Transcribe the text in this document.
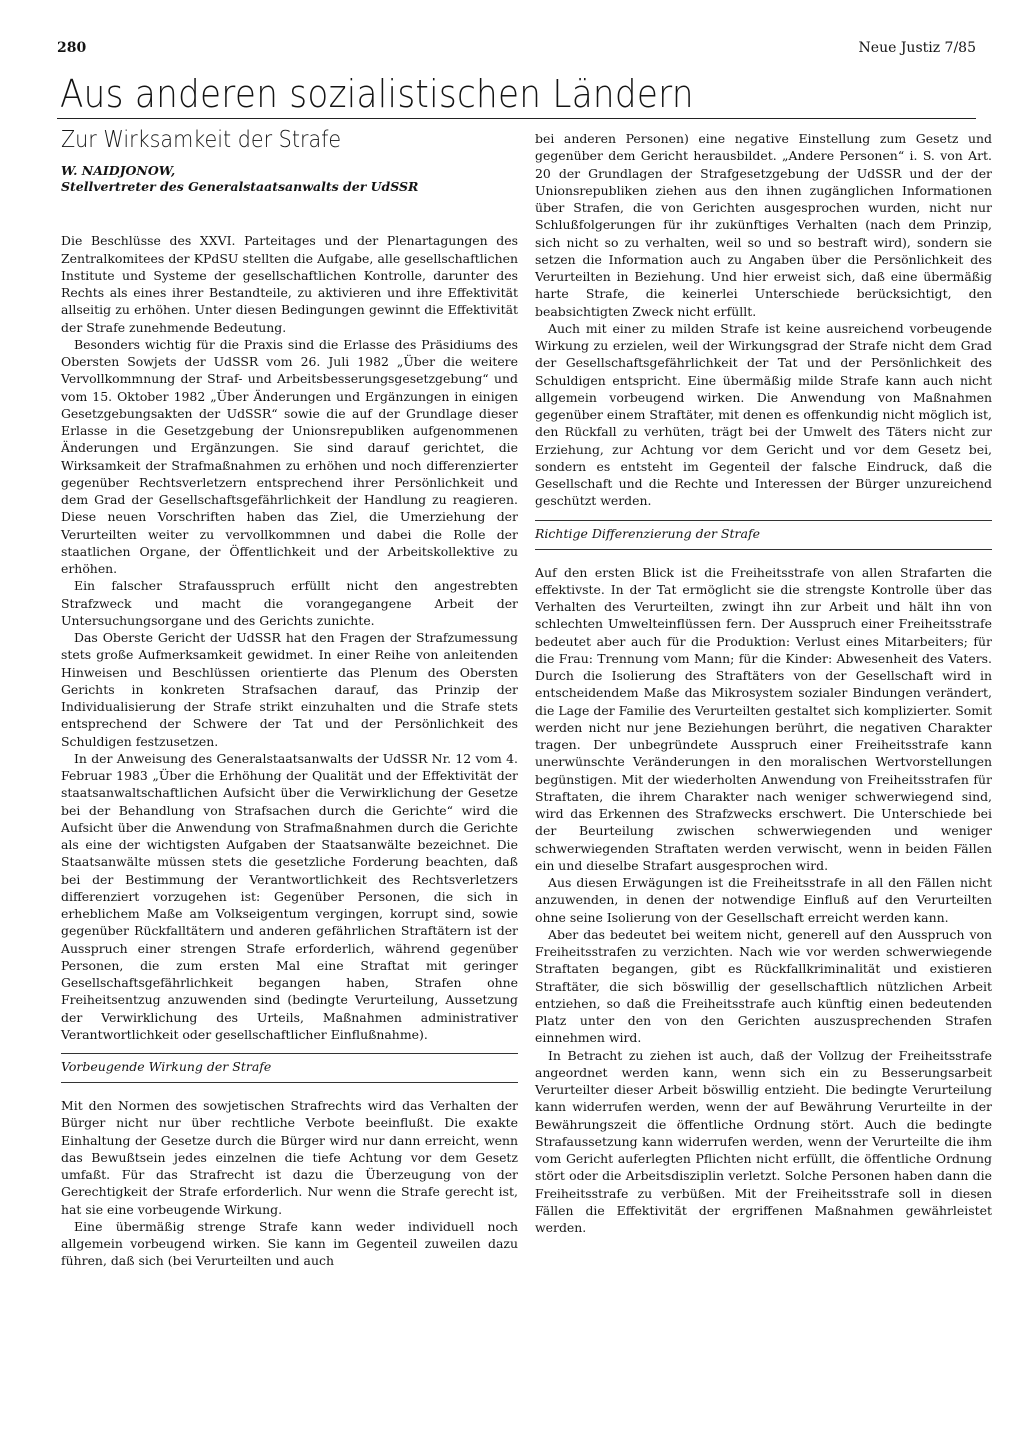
280	Neue Justiz 7/85
Aus anderen sozialistischen Ländern
Zur Wirksamkeit der Strafe
W. NAIDJONOW,
Stellvertreter des Generalstaatsanwalts der UdSSR

Die Beschlüsse des XXVI. Parteitages und der Plenartagungen des Zentralkomitees der KPdSU stellten die Aufgabe, alle gesellschaftlichen Institute und Systeme der gesellschaftlichen Kontrolle, darunter des Rechts als eines ihrer Bestandteile, zu aktivieren und ihre Effektivität allseitig zu erhöhen. Unter diesen Bedingungen gewinnt die Effektivität der Strafe zunehmende Bedeutung.

Besonders wichtig für die Praxis sind die Erlasse des Präsidiums des Obersten Sowjets der UdSSR vom 26. Juli 1982 „Über die weitere Vervollkommnung der Straf- und Arbeitsbesserungsgesetzgebung“ und vom 15. Oktober 1982 „Über Änderungen und Ergänzungen in einigen Gesetzgebungsakten der UdSSR“ sowie die auf der Grundlage dieser Erlasse in die Gesetzgebung der Unionsrepubliken aufgenommenen Änderungen und Ergänzungen. Sie sind darauf gerichtet, die Wirksamkeit der Strafmaßnahmen zu erhöhen und noch differenzierter gegenüber Rechtsverletzern entsprechend ihrer Persönlichkeit und dem Grad der Gesellschaftsgefährlichkeit der Handlung zu reagieren. Diese neuen Vorschriften haben das Ziel, die Umerziehung der Verurteilten weiter zu vervollkommnen und dabei die Rolle der staatlichen Organe, der Öffentlichkeit und der Arbeitskollektive zu erhöhen.

Ein falscher Strafausspruch erfüllt nicht den angestrebten Strafzweck und macht die vorangegangene Arbeit der Untersuchungsorgane und des Gerichts zunichte.

Das Oberste Gericht der UdSSR hat den Fragen der Strafzumessung stets große Aufmerksamkeit gewidmet. In einer Reihe von anleitenden Hinweisen und Beschlüssen orientierte das Plenum des Obersten Gerichts in konkreten Strafsachen darauf, das Prinzip der Individualisierung der Strafe strikt einzuhalten und die Strafe stets entsprechend der Schwere der Tat und der Persönlichkeit des Schuldigen festzusetzen.

In der Anweisung des Generalstaatsanwalts der UdSSR Nr. 12 vom 4. Februar 1983 „Über die Erhöhung der Qualität und der Effektivität der staatsanwaltschaftlichen Aufsicht über die Verwirklichung der Gesetze bei der Behandlung von Strafsachen durch die Gerichte“ wird die Aufsicht über die Anwendung von Strafmaßnahmen durch die Gerichte als eine der wichtigsten Aufgaben der Staatsanwälte bezeichnet. Die Staatsanwälte müssen stets die gesetzliche Forderung beachten, daß bei der Bestimmung der Verantwortlichkeit des Rechtsverletzers differenziert vorzugehen ist: Gegenüber Personen, die sich in erheblichem Maße am Volkseigentum vergingen, korrupt sind, sowie gegenüber Rückfalltätern und anderen gefährlichen Straftätern ist der Ausspruch einer strengen Strafe erforderlich, während gegenüber Personen, die zum ersten Mal eine Straftat mit geringer Gesellschaftsgefährlichkeit begangen haben, Strafen ohne Freiheitsentzug anzuwenden sind (bedingte Verurteilung, Aussetzung der Verwirklichung des Urteils, Maßnahmen administrativer Verantwortlichkeit oder gesellschaftlicher Einflußnahme).

Vorbeugende Wirkung der Strafe

Mit den Normen des sowjetischen Strafrechts wird das Verhalten der Bürger nicht nur über rechtliche Verbote beeinflußt. Die exakte Einhaltung der Gesetze durch die Bürger wird nur dann erreicht, wenn das Bewußtsein jedes einzelnen die tiefe Achtung vor dem Gesetz umfaßt. Für das Strafrecht ist dazu die Überzeugung von der Gerechtigkeit der Strafe erforderlich. Nur wenn die Strafe gerecht ist, hat sie eine vorbeugende Wirkung.

Eine übermäßig strenge Strafe kann weder individuell noch allgemein vorbeugend wirken. Sie kann im Gegenteil zuweilen dazu führen, daß sich (bei Verurteilten und auch

bei anderen Personen) eine negative Einstellung zum Gesetz und gegenüber dem Gericht herausbildet. „Andere Personen“ i. S. von Art. 20 der Grundlagen der Strafgesetzgebung der UdSSR und der der Unionsrepubliken ziehen aus den ihnen zugänglichen Informationen über Strafen, die von Gerichten ausgesprochen wurden, nicht nur Schlußfolgerungen für ihr zukünftiges Verhalten (nach dem Prinzip, sich nicht so zu verhalten, weil so und so bestraft wird), sondern sie setzen die Information auch zu Angaben über die Persönlichkeit des Verurteilten in Beziehung. Und hier erweist sich, daß eine übermäßig harte Strafe, die keinerlei Unterschiede berücksichtigt, den beabsichtigten Zweck nicht erfüllt.

Auch mit einer zu milden Strafe ist keine ausreichend vorbeugende Wirkung zu erzielen, weil der Wirkungsgrad der Strafe nicht dem Grad der Gesellschaftsgefährlichkeit der Tat und der Persönlichkeit des Schuldigen entspricht. Eine übermäßig milde Strafe kann auch nicht allgemein vorbeugend wirken. Die Anwendung von Maßnahmen gegenüber einem Straftäter, mit denen es offenkundig nicht möglich ist, den Rückfall zu verhüten, trägt bei der Umwelt des Täters nicht zur Erziehung, zur Achtung vor dem Gericht und vor dem Gesetz bei, sondern es entsteht im Gegenteil der falsche Eindruck, daß die Gesellschaft und die Rechte und Interessen der Bürger unzureichend geschützt werden.

Richtige Differenzierung der Strafe

Auf den ersten Blick ist die Freiheitsstrafe von allen Strafarten die effektivste. In der Tat ermöglicht sie die strengste Kontrolle über das Verhalten des Verurteilten, zwingt ihn zur Arbeit und hält ihn von schlechten Umwelteinflüssen fern. Der Ausspruch einer Freiheitsstrafe bedeutet aber auch für die Produktion: Verlust eines Mitarbeiters; für die Frau: Trennung vom Mann; für die Kinder: Abwesenheit des Vaters. Durch die Isolierung des Straftäters von der Gesellschaft wird in entscheidendem Maße das Mikrosystem sozialer Bindungen verändert, die Lage der Familie des Verurteilten gestaltet sich komplizierter. Somit werden nicht nur jene Beziehungen berührt, die negativen Charakter tragen. Der unbegründete Ausspruch einer Freiheitsstrafe kann unerwünschte Veränderungen in den moralischen Wertvorstellungen begünstigen. Mit der wiederholten Anwendung von Freiheitsstrafen für Straftaten, die ihrem Charakter nach weniger schwerwiegend sind, wird das Erkennen des Strafzwecks erschwert. Die Unterschiede bei der Beurteilung zwischen schwerwiegenden und weniger schwerwiegenden Straftaten werden verwischt, wenn in beiden Fällen ein und dieselbe Strafart ausgesprochen wird.

Aus diesen Erwägungen ist die Freiheitsstrafe in all den Fällen nicht anzuwenden, in denen der notwendige Einfluß auf den Verurteilten ohne seine Isolierung von der Gesellschaft erreicht werden kann.

Aber das bedeutet bei weitem nicht, generell auf den Ausspruch von Freiheitsstrafen zu verzichten. Nach wie vor werden schwerwiegende Straftaten begangen, gibt es Rückfallkriminalität und existieren Straftäter, die sich böswillig der gesellschaftlich nützlichen Arbeit entziehen, so daß die Freiheitsstrafe auch künftig einen bedeutenden Platz unter den von den Gerichten auszusprechenden Strafen einnehmen wird.

In Betracht zu ziehen ist auch, daß der Vollzug der Freiheitsstrafe angeordnet werden kann, wenn sich ein zu Besserungsarbeit Verurteilter dieser Arbeit böswillig entzieht. Die bedingte Verurteilung kann widerrufen werden, wenn der auf Bewährung Verurteilte in der Bewährungszeit die öffentliche Ordnung stört. Auch die bedingte Strafaussetzung kann widerrufen werden, wenn der Verurteilte die ihm vom Gericht auferlegten Pflichten nicht erfüllt, die öffentliche Ordnung stört oder die Arbeitsdisziplin verletzt. Solche Personen haben dann die Freiheitsstrafe zu verbüßen. Mit der Freiheitsstrafe soll in diesen Fällen die Effektivität der ergriffenen Maßnahmen gewährleistet werden.
